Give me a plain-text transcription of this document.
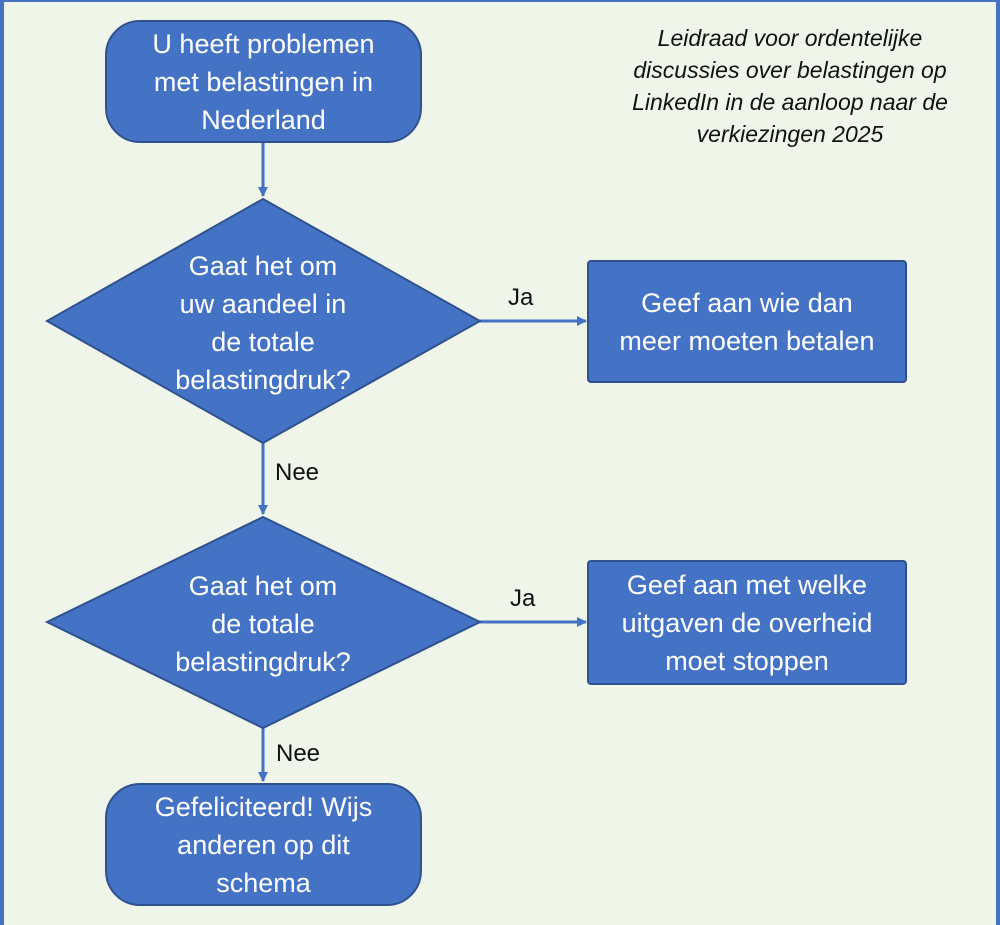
U heeft problemen
met belastingen in
Nederland
Gaat het om
uw aandeel in
de totale
belastingdruk?
Geef aan wie dan
meer moeten betalen
Gaat het om
de totale
belastingdruk?
Geef aan met welke
uitgaven de overheid
moet stoppen
Gefeliciteerd! Wijs
anderen op dit
schema
Ja
Nee
Ja
Nee
Leidraad voor ordentelijke
discussies over belastingen op
LinkedIn in de aanloop naar de
verkiezingen 2025
